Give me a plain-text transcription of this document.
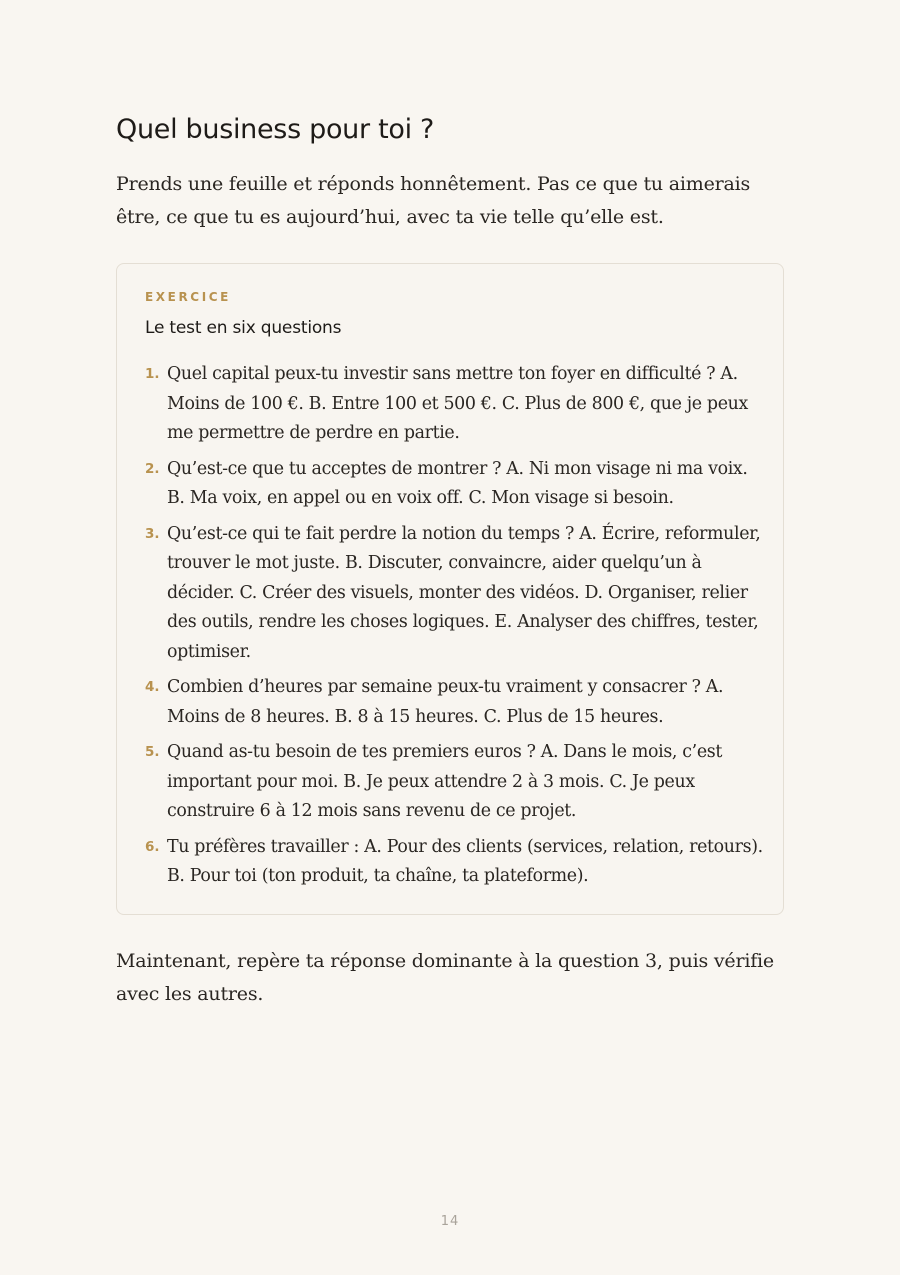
Quel business pour toi ?

Prends une feuille et réponds honnêtement. Pas ce que tu aimerais être, ce que tu es aujourd’hui, avec ta vie telle qu’elle est.

EXERCICE
Le test en six questions
1. Quel capital peux-tu investir sans mettre ton foyer en difficulté ? A. Moins de 100 €. B. Entre 100 et 500 €. C. Plus de 800 €, que je peux me permettre de perdre en partie.
2. Qu’est-ce que tu acceptes de montrer ? A. Ni mon visage ni ma voix. B. Ma voix, en appel ou en voix off. C. Mon visage si besoin.
3. Qu’est-ce qui te fait perdre la notion du temps ? A. Écrire, reformuler, trouver le mot juste. B. Discuter, convaincre, aider quelqu’un à décider. C. Créer des visuels, monter des vidéos. D. Organiser, relier des outils, rendre les choses logiques. E. Analyser des chiffres, tester, optimiser.
4. Combien d’heures par semaine peux-tu vraiment y consacrer ? A. Moins de 8 heures. B. 8 à 15 heures. C. Plus de 15 heures.
5. Quand as-tu besoin de tes premiers euros ? A. Dans le mois, c’est important pour moi. B. Je peux attendre 2 à 3 mois. C. Je peux construire 6 à 12 mois sans revenu de ce projet.
6. Tu préfères travailler : A. Pour des clients (services, relation, retours). B. Pour toi (ton produit, ta chaîne, ta plateforme).

Maintenant, repère ta réponse dominante à la question 3, puis vérifie avec les autres.

14
